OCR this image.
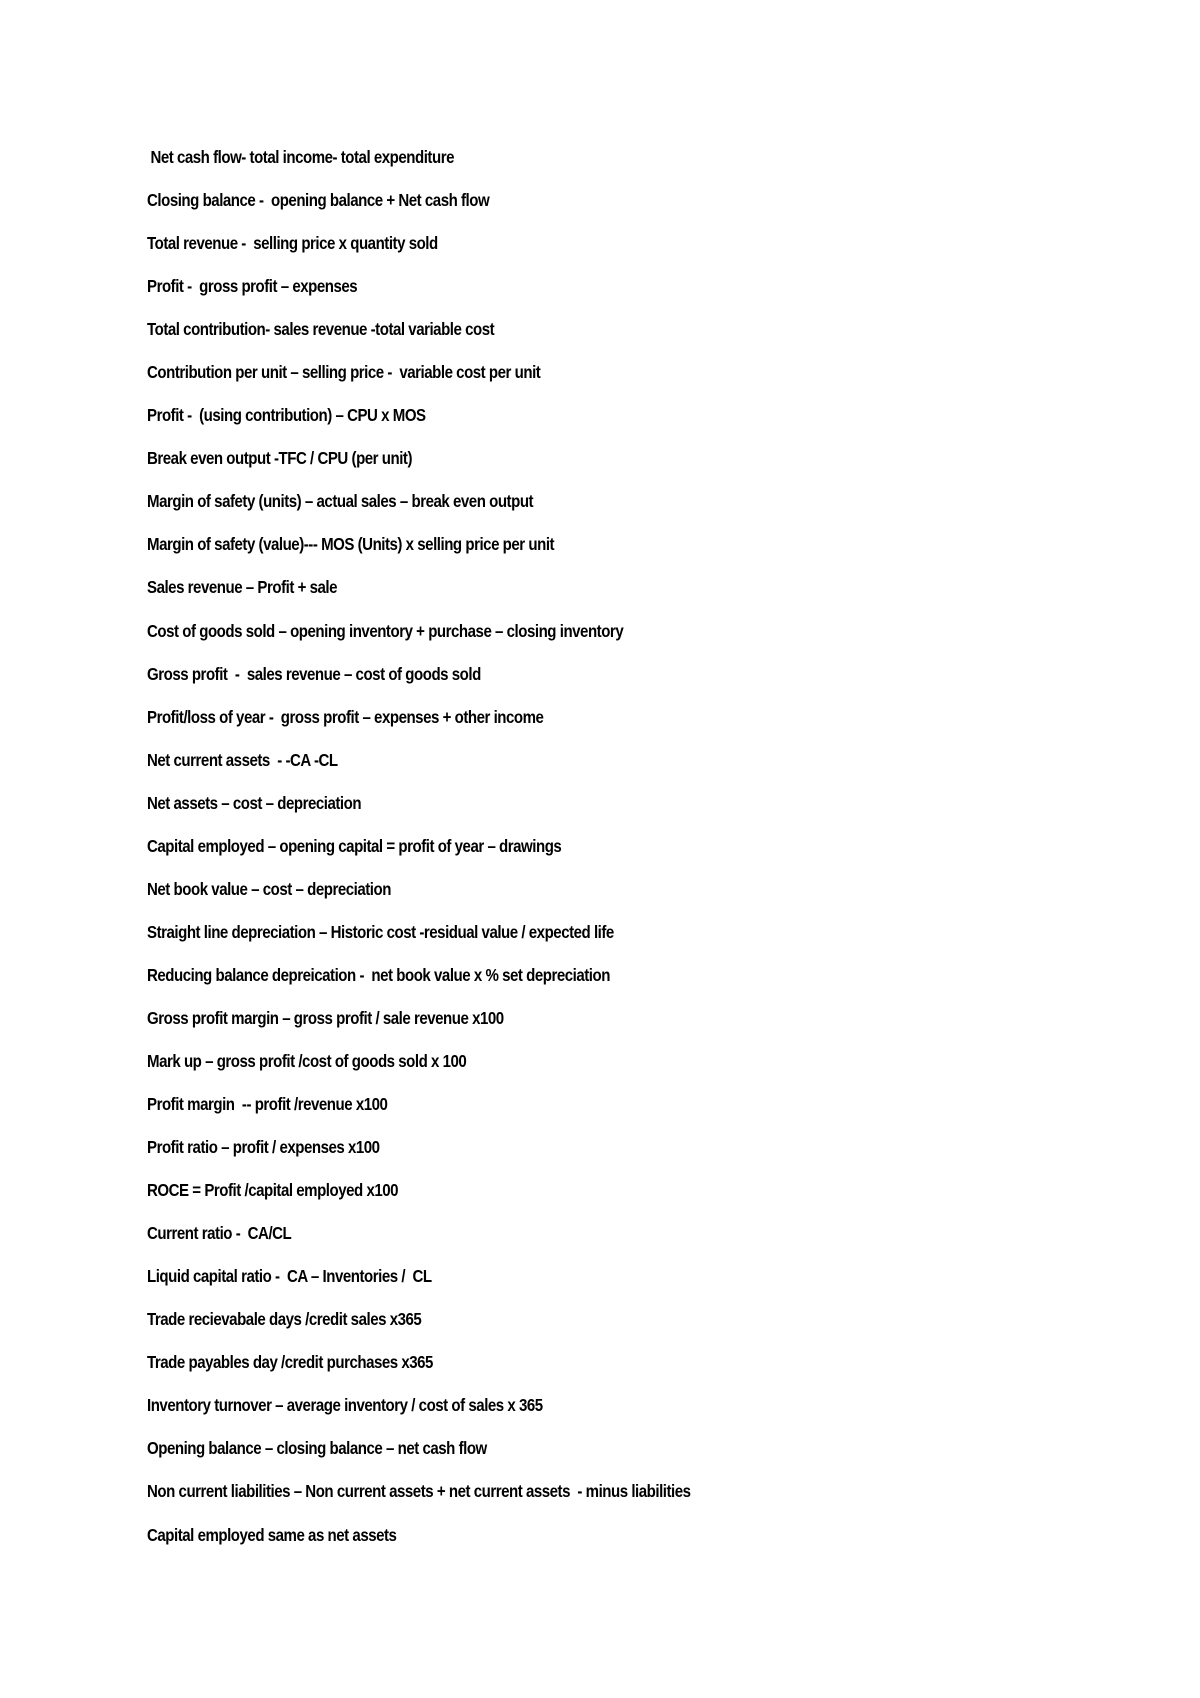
Net cash flow- total income- total expenditure

Closing balance -  opening balance + Net cash flow

Total revenue -  selling price x quantity sold

Profit -  gross profit – expenses

Total contribution- sales revenue -total variable cost

Contribution per unit – selling price -  variable cost per unit

Profit -  (using contribution) – CPU x MOS

Break even output -TFC / CPU (per unit)

Margin of safety (units) – actual sales – break even output

Margin of safety (value)--- MOS (Units) x selling price per unit

Sales revenue – Profit + sale

Cost of goods sold – opening inventory + purchase – closing inventory

Gross profit  -  sales revenue – cost of goods sold

Profit/loss of year -  gross profit – expenses + other income

Net current assets  - -CA -CL

Net assets – cost – depreciation

Capital employed – opening capital = profit of year – drawings

Net book value – cost – depreciation

Straight line depreciation – Historic cost -residual value / expected life

Reducing balance depreication -  net book value x % set depreciation

Gross profit margin – gross profit / sale revenue x100

Mark up – gross profit /cost of goods sold x 100

Profit margin  -- profit /revenue x100

Profit ratio – profit / expenses x100

ROCE = Profit /capital employed x100

Current ratio -  CA/CL

Liquid capital ratio -  CA – Inventories /  CL

Trade recievabale days /credit sales x365

Trade payables day /credit purchases x365

Inventory turnover – average inventory / cost of sales x 365

Opening balance – closing balance – net cash flow

Non current liabilities – Non current assets + net current assets  - minus liabilities

Capital employed same as net assets
